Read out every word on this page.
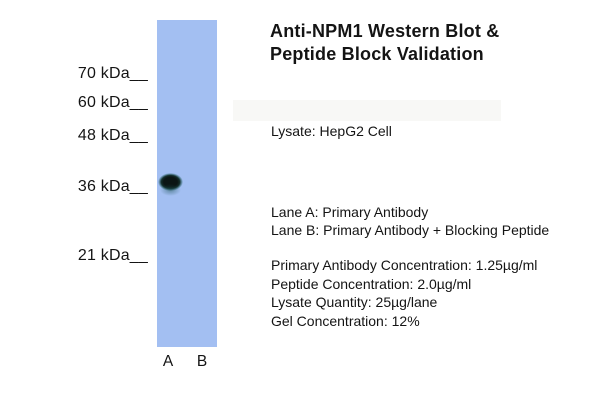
70 kDa__
60 kDa__
48 kDa__
36 kDa__
21 kDa__
A	B
Anti-NPM1 Western Blot &
Peptide Block Validation
Lysate: HepG2 Cell
Lane A: Primary Antibody
Lane B: Primary Antibody + Blocking Peptide
Primary Antibody Concentration: 1.25µg/ml
Peptide Concentration: 2.0µg/ml
Lysate Quantity: 25µg/lane
Gel Concentration: 12%
